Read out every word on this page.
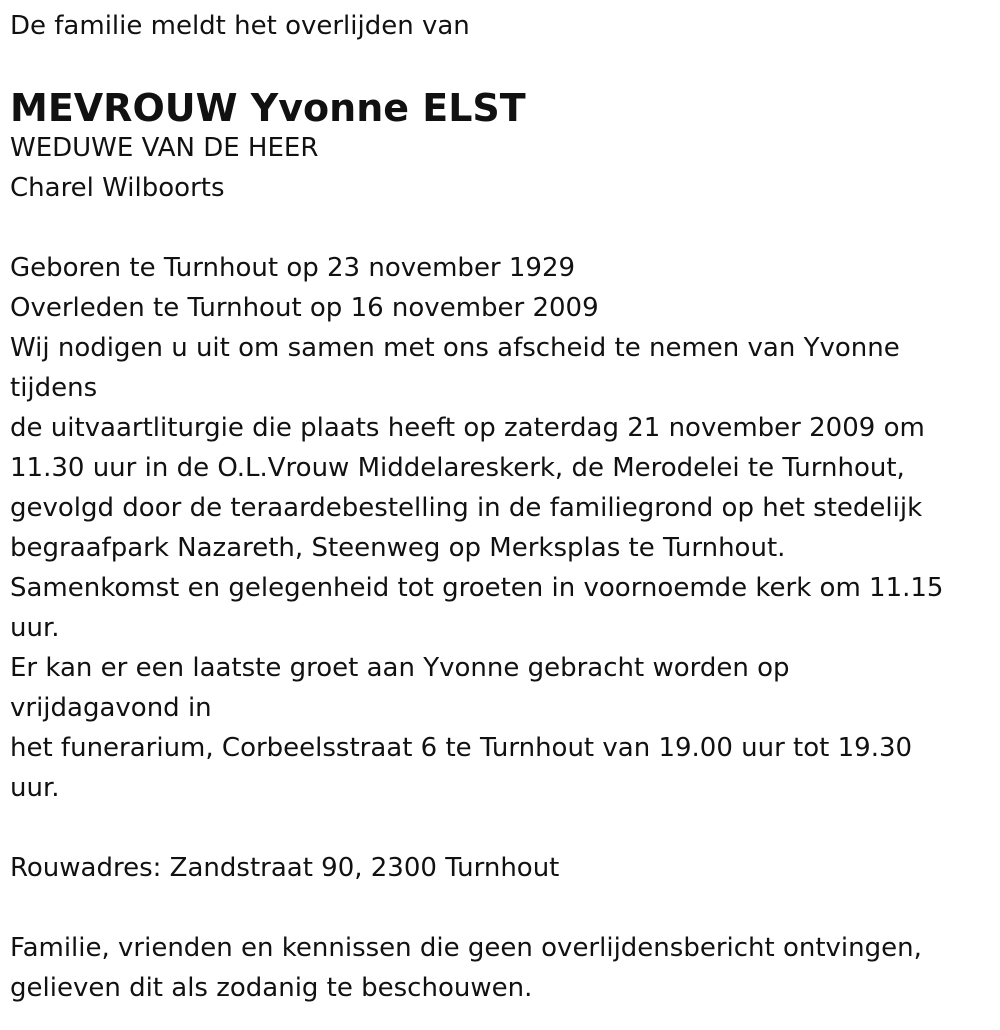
De familie meldt het overlijden van
MEVROUW Yvonne ELST
WEDUWE VAN DE HEER
Charel Wilboorts
Geboren te Turnhout op 23 november 1929
Overleden te Turnhout op 16 november 2009
Wij nodigen u uit om samen met ons afscheid te nemen van Yvonne
tijdens
de uitvaartliturgie die plaats heeft op zaterdag 21 november 2009 om
11.30 uur in de O.L.Vrouw Middelareskerk, de Merodelei te Turnhout,
gevolgd door de teraardebestelling in de familiegrond op het stedelijk
begraafpark Nazareth, Steenweg op Merksplas te Turnhout.
Samenkomst en gelegenheid tot groeten in voornoemde kerk om 11.15
uur.
Er kan er een laatste groet aan Yvonne gebracht worden op
vrijdagavond in
het funerarium, Corbeelsstraat 6 te Turnhout van 19.00 uur tot 19.30
uur.
Rouwadres: Zandstraat 90, 2300 Turnhout
Familie, vrienden en kennissen die geen overlijdensbericht ontvingen,
gelieven dit als zodanig te beschouwen.
